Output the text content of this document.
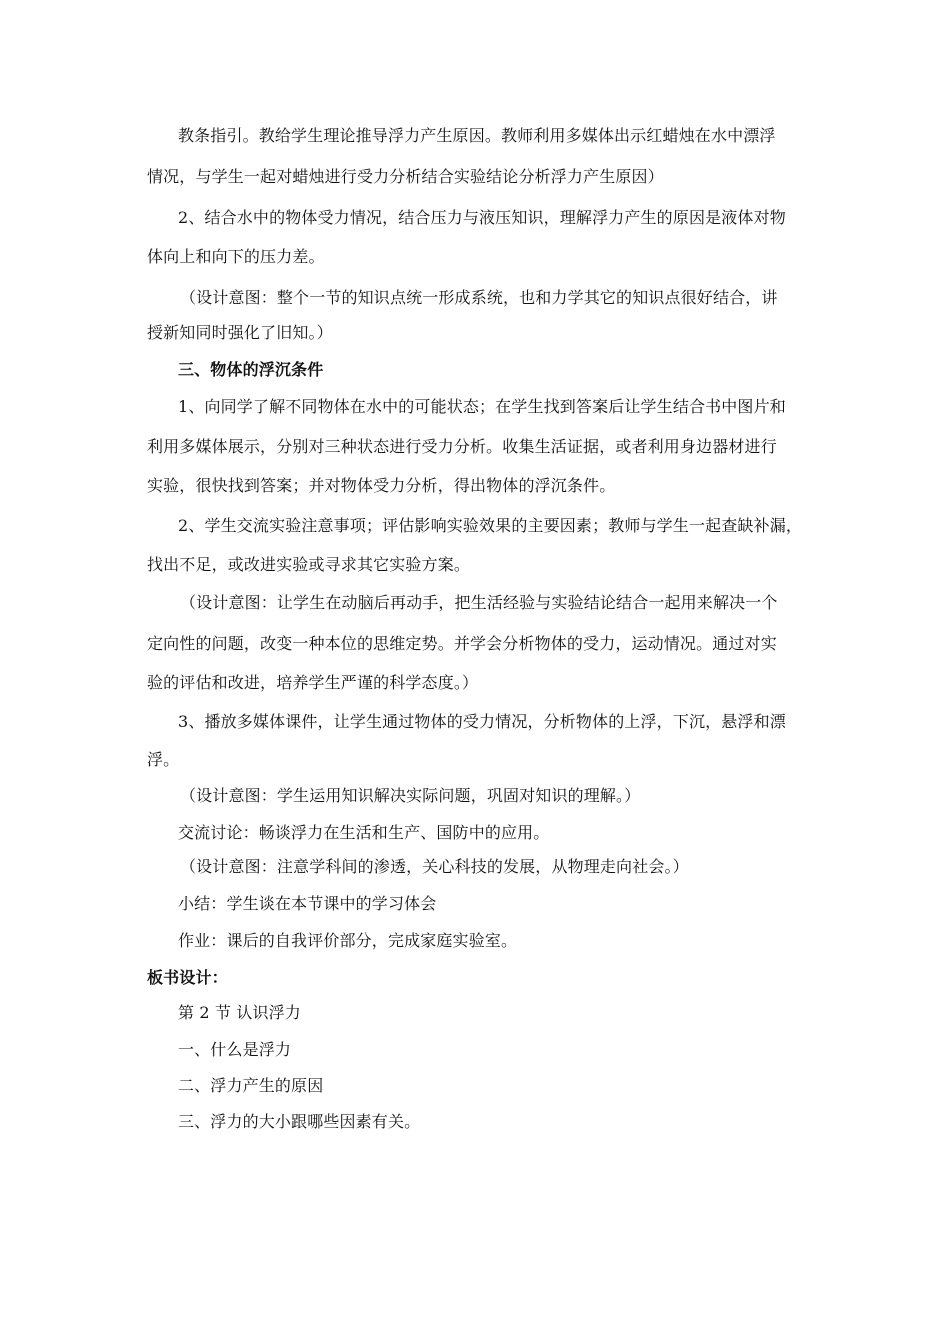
教条指引。教给学生理论推导浮力产生原因。教师利用多媒体出示红蜡烛在水中漂浮
情况，与学生一起对蜡烛进行受力分析结合实验结论分析浮力产生原因）
2、结合水中的物体受力情况，结合压力与液压知识，理解浮力产生的原因是液体对物
体向上和向下的压力差。
（设计意图：整个一节的知识点统一形成系统，也和力学其它的知识点很好结合，讲
授新知同时强化了旧知。）
三、物体的浮沉条件
1、向同学了解不同物体在水中的可能状态；在学生找到答案后让学生结合书中图片和
利用多媒体展示，分别对三种状态进行受力分析。收集生活证据，或者利用身边器材进行
实验，很快找到答案；并对物体受力分析，得出物体的浮沉条件。
2、学生交流实验注意事项；评估影响实验效果的主要因素；教师与学生一起查缺补漏，
找出不足，或改进实验或寻求其它实验方案。
（设计意图：让学生在动脑后再动手，把生活经验与实验结论结合一起用来解决一个
定向性的问题，改变一种本位的思维定势。并学会分析物体的受力，运动情况。通过对实
验的评估和改进，培养学生严谨的科学态度。）
3、播放多媒体课件，让学生通过物体的受力情况，分析物体的上浮，下沉，悬浮和漂
浮。
（设计意图：学生运用知识解决实际问题，巩固对知识的理解。）
交流讨论：畅谈浮力在生活和生产、国防中的应用。
（设计意图：注意学科间的渗透，关心科技的发展，从物理走向社会。）
小结：学生谈在本节课中的学习体会
作业：课后的自我评价部分，完成家庭实验室。
板书设计：
第 2 节 认识浮力
一、什么是浮力
二、浮力产生的原因
三、浮力的大小跟哪些因素有关。
